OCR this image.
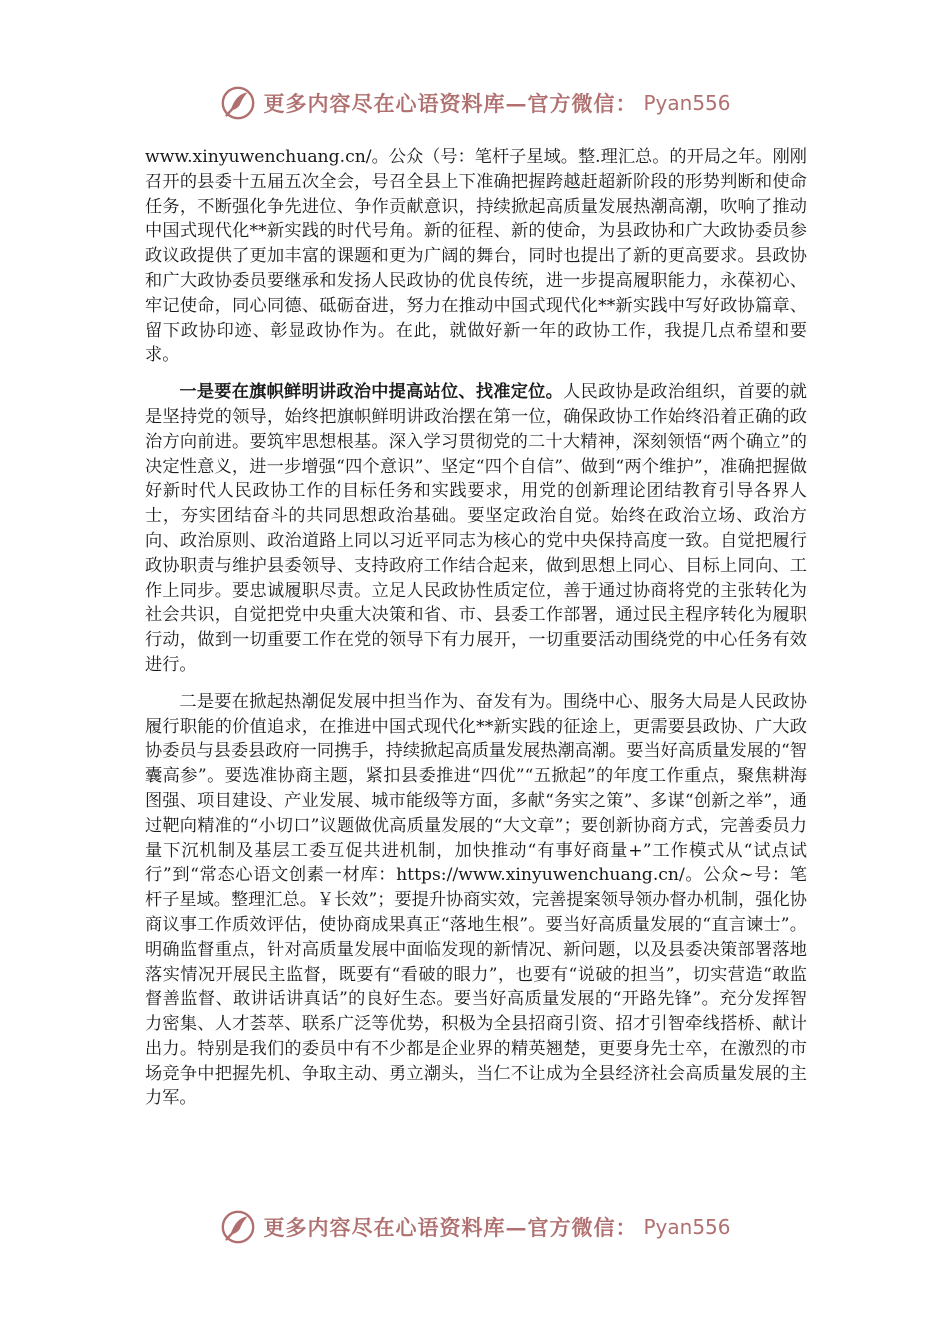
更多内容尽在心语资料库—官方微信： Pyan556

www.xinyuwenchuang.cn/。公众（号：笔杆子星域。整.理汇总。的开局之年。刚刚召开的县委十五届五次全会，号召全县上下准确把握跨越赶超新阶段的形势判断和使命任务，不断强化争先进位、争作贡献意识，持续掀起高质量发展热潮高潮，吹响了推动中国式现代化**新实践的时代号角。新的征程、新的使命，为县政协和广大政协委员参政议政提供了更加丰富的课题和更为广阔的舞台，同时也提出了新的更高要求。县政协和广大政协委员要继承和发扬人民政协的优良传统，进一步提高履职能力，永葆初心、牢记使命，同心同德、砥砺奋进，努力在推动中国式现代化**新实践中写好政协篇章、留下政协印迹、彰显政协作为。在此，就做好新一年的政协工作，我提几点希望和要求。

一是要在旗帜鲜明讲政治中提高站位、找准定位。人民政协是政治组织，首要的就是坚持党的领导，始终把旗帜鲜明讲政治摆在第一位，确保政协工作始终沿着正确的政治方向前进。要筑牢思想根基。深入学习贯彻党的二十大精神，深刻领悟“两个确立”的决定性意义，进一步增强“四个意识”、坚定“四个自信”、做到“两个维护”，准确把握做好新时代人民政协工作的目标任务和实践要求，用党的创新理论团结教育引导各界人士，夯实团结奋斗的共同思想政治基础。要坚定政治自觉。始终在政治立场、政治方向、政治原则、政治道路上同以习近平同志为核心的党中央保持高度一致。自觉把履行政协职责与维护县委领导、支持政府工作结合起来，做到思想上同心、目标上同向、工作上同步。要忠诚履职尽责。立足人民政协性质定位，善于通过协商将党的主张转化为社会共识，自觉把党中央重大决策和省、市、县委工作部署，通过民主程序转化为履职行动，做到一切重要工作在党的领导下有力展开，一切重要活动围绕党的中心任务有效进行。

二是要在掀起热潮促发展中担当作为、奋发有为。围绕中心、服务大局是人民政协履行职能的价值追求，在推进中国式现代化**新实践的征途上，更需要县政协、广大政协委员与县委县政府一同携手，持续掀起高质量发展热潮高潮。要当好高质量发展的“智囊高参”。要选准协商主题，紧扣县委推进“四优”“五掀起”的年度工作重点，聚焦耕海图强、项目建设、产业发展、城市能级等方面，多献“务实之策”、多谋“创新之举”，通过靶向精准的“小切口”议题做优高质量发展的“大文章”；要创新协商方式，完善委员力量下沉机制及基层工委互促共进机制，加快推动“有事好商量+”工作模式从“试点试行”到“常态心语文创素一材库：https://www.xinyuwenchuang.cn/。公众~号：笔杆子星域。整理汇总。￥长效”；要提升协商实效，完善提案领导领办督办机制，强化协商议事工作质效评估，使协商成果真正“落地生根”。要当好高质量发展的“直言谏士”。明确监督重点，针对高质量发展中面临发现的新情况、新问题，以及县委决策部署落地落实情况开展民主监督，既要有“看破的眼力”，也要有“说破的担当”，切实营造“敢监督善监督、敢讲话讲真话”的良好生态。要当好高质量发展的“开路先锋”。充分发挥智力密集、人才荟萃、联系广泛等优势，积极为全县招商引资、招才引智牵线搭桥、献计出力。特别是我们的委员中有不少都是企业界的精英翘楚，更要身先士卒，在激烈的市场竞争中把握先机、争取主动、勇立潮头，当仁不让成为全县经济社会高质量发展的主力军。

更多内容尽在心语资料库—官方微信： Pyan556
